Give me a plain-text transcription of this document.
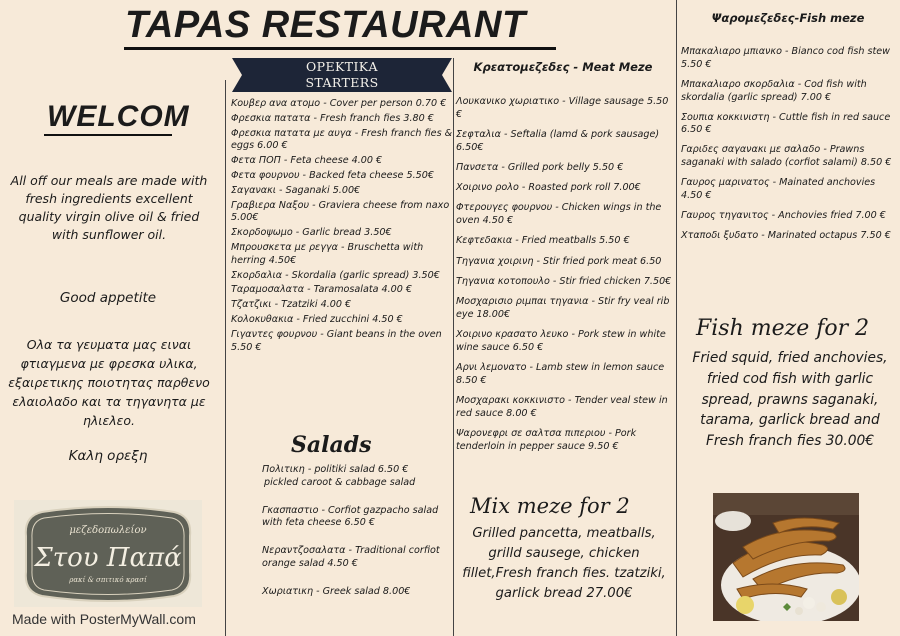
TAPAS RESTAURANT
WELCOM
All off our meals are made with fresh ingredients excellent quality virgin olive oil & fried with sunflower oil.
Good appetite
Ολα τα γευματα μας ειναι φτιαγμενα με φρεσκα υλικα, εξαιρετικης ποιοτητας παρθενο ελαιολαδο και τα τηγανητα με ηλιελεο.
Καλη ορεξη
μεζεδοπωλείον
Στου Παπά
ρακί & σπιτικό κρασί
Made with PosterMyWall.com
ΟΡΕΚΤΙΚΑ
STARTERS
Κουβερ ανα ατομο - Cover per person 0.70 €
Φρεσκια πατατα - Fresh franch fies 3.80 €
Φρεσκια πατατα με αυγα - Fresh franch fies & eggs 6.00 €
Φετα ΠΟΠ - Feta cheese 4.00 €
Φετα φουρνου - Backed feta cheese 5.50€
Σαγανακι - Saganaki 5.00€
Γραβιερα Ναξου - Graviera cheese from naxo 5.00€
Σκορδοψωμο - Garlic bread 3.50€
Μπρουσκετα με ρεγγα - Bruschetta with herring 4.50€
Σκορδαλια - Skordalia (garlic spread) 3.50€
Ταραμοσαλατα - Taramosalata 4.00 €
Τζατζικι - Tzatziki 4.00 €
Κολοκυθακια - Fried zucchini 4.50 €
Γιγαντες φουρνου - Giant beans in the oven 5.50 €
Salads
Πολιτικη - politiki salad 6.50 €
pickled caroot & cabbage salad
Γκασπαστιο - Corfiot gazpacho salad with feta cheese 6.50 €
Νεραντζοσαλατα - Traditional corfiot orange salad 4.50 €
Χωριατικη - Greek salad 8.00€
Κρεατομεζεδες - Meat Meze
Λουκανικο χωριατικο - Village sausage 5.50 €
Σεφταλια - Seftalia (lamd & pork sausage) 6.50€
Πανσετα - Grilled pork belly 5.50 €
Χοιρινο ρολο - Roasted pork roll 7.00€
Φτερουγες φουρνου - Chicken wings in the oven 4.50 €
Κεφτεδακια - Fried meatballs 5.50 €
Τηγανια χοιρινη - Stir fried pork meat 6.50
Τηγανια κοτοπουλο - Stir fried chicken 7.50€
Μοσχαρισιο ριμπαι τηγανια - Stir fry veal rib eye 18.00€
Χοιρινο κρασατο λευκο - Pork stew in white wine sauce 6.50 €
Αρνι λεμονατο - Lamb stew in lemon sauce 8.50 €
Μοσχαρακι κοκκινιστο - Tender veal stew in red sauce 8.00 €
Ψαρονεφρι σε σαλτσα πιπεριου - Pork tenderloin in pepper sauce 9.50 €
Mix meze for 2
Grilled pancetta, meatballs, grilld sausege, chicken fillet,Fresh franch fies. tzatziki, garlick bread 27.00€
Ψαρομεζεδες-Fish meze
Μπακαλιαρο μπιανκο - Bianco cod fish stew 5.50 €
Μπακαλιαρο σκορδαλια - Cod fish with skordalia (garlic spread) 7.00 €
Σουπια κοκκινιστη - Cuttle fish in red sauce 6.50 €
Γαριδες σαγανακι με σαλαδο - Prawns saganaki with salado (corfiot salami) 8.50 €
Γαυρος μαρινατος - Mainated anchovies 4.50 €
Γαυρος τηγανιτος - Anchovies fried 7.00 €
Χταποδι ξυδατο - Marinated octapus 7.50 €
Fish meze for 2
Fried squid, fried anchovies, fried cod fish with garlic spread, prawns saganaki, tarama, garlick bread and Fresh franch fies 30.00€
